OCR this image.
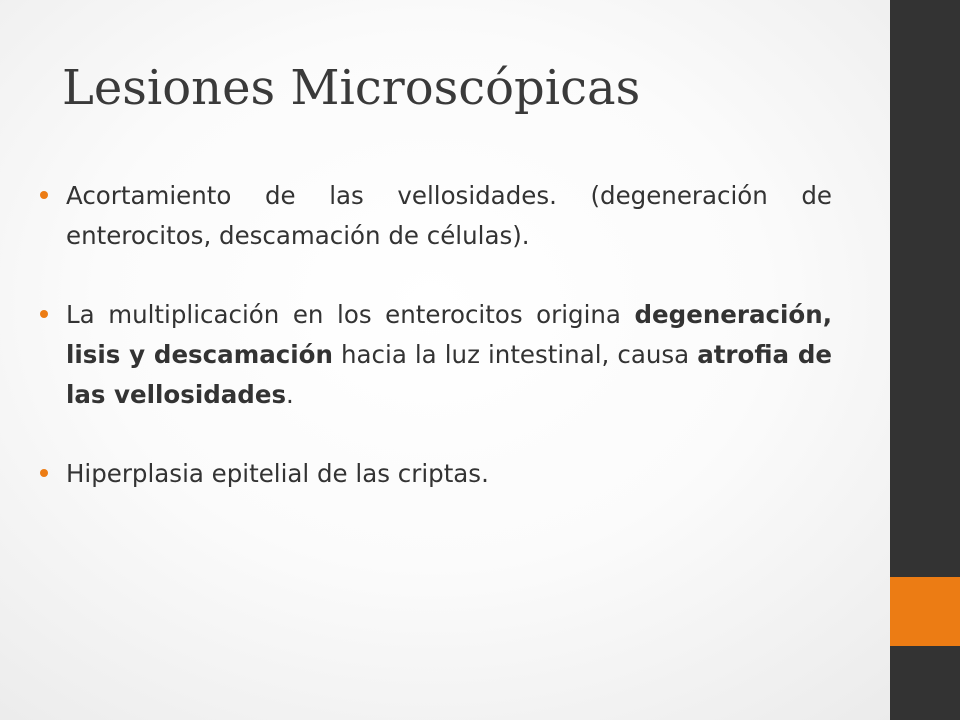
Lesiones Microscópicas
Acortamiento de las vellosidades. (degeneración de enterocitos, descamación de células).
La multiplicación en los enterocitos origina degeneración, lisis y descamación hacia la luz intestinal, causa atrofia de las vellosidades.
Hiperplasia epitelial de las criptas.
